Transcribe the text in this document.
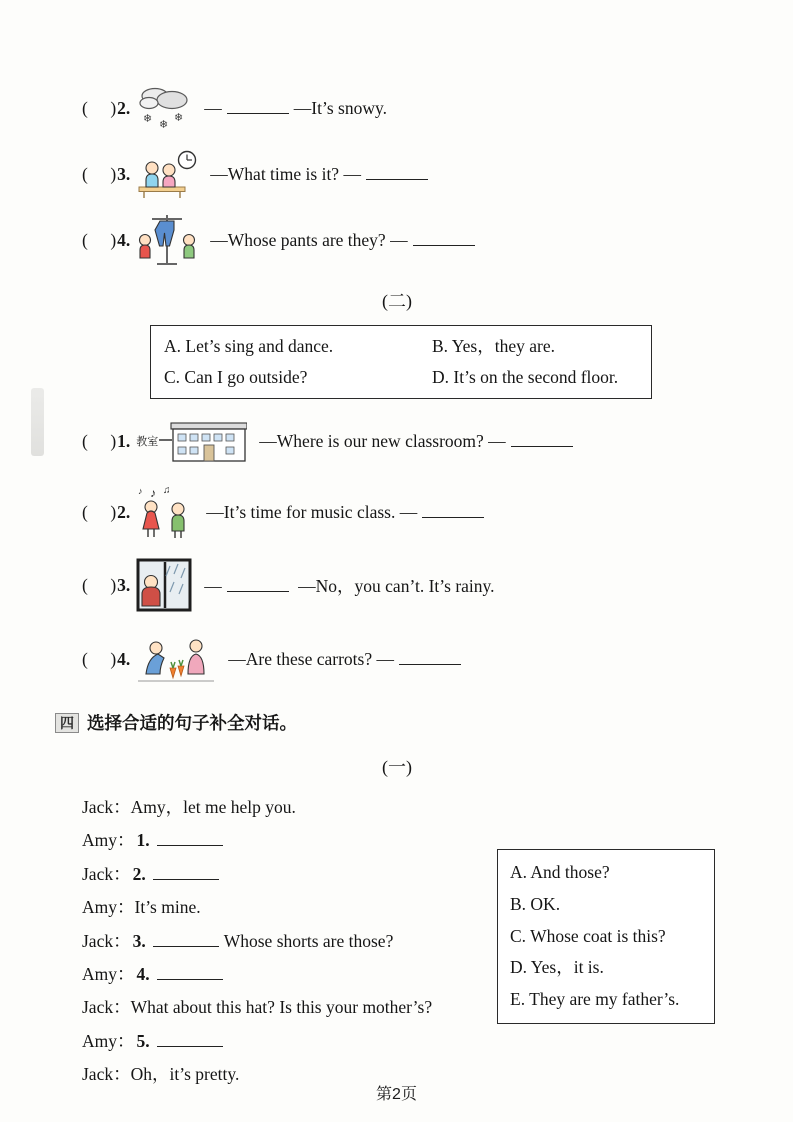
(    )2.
❄ ❄
❄
—	—It’s snowy.
(    )3.	—What time is it? —
(    )4.	—Whose pants are they? —
(二)
A. Let’s sing and dance.	B. Yes，they are.
C. Can I go outside?	D. It’s on the second floor.
(    )1. 教室	—Where is our new classroom? —
(    )2.
♪ ♫
♪
—It’s time for music class. —
(    )3.	—	—No，you can’t. It’s rainy.
(    )4.	—Are these carrots? —
四 选择合适的句子补全对话。
(一)
Jack：Amy，let me help you.
Amy： 1.
Jack： 2.
Amy：It’s mine.
Jack： 3.	Whose shorts are those?
Amy： 4.
Jack：What about this hat? Is this your mother’s?
Amy： 5.
Jack：Oh，it’s pretty.
A. And those?
B. OK.
C. Whose coat is this?
D. Yes，it is.
E. They are my father’s.
第2页
